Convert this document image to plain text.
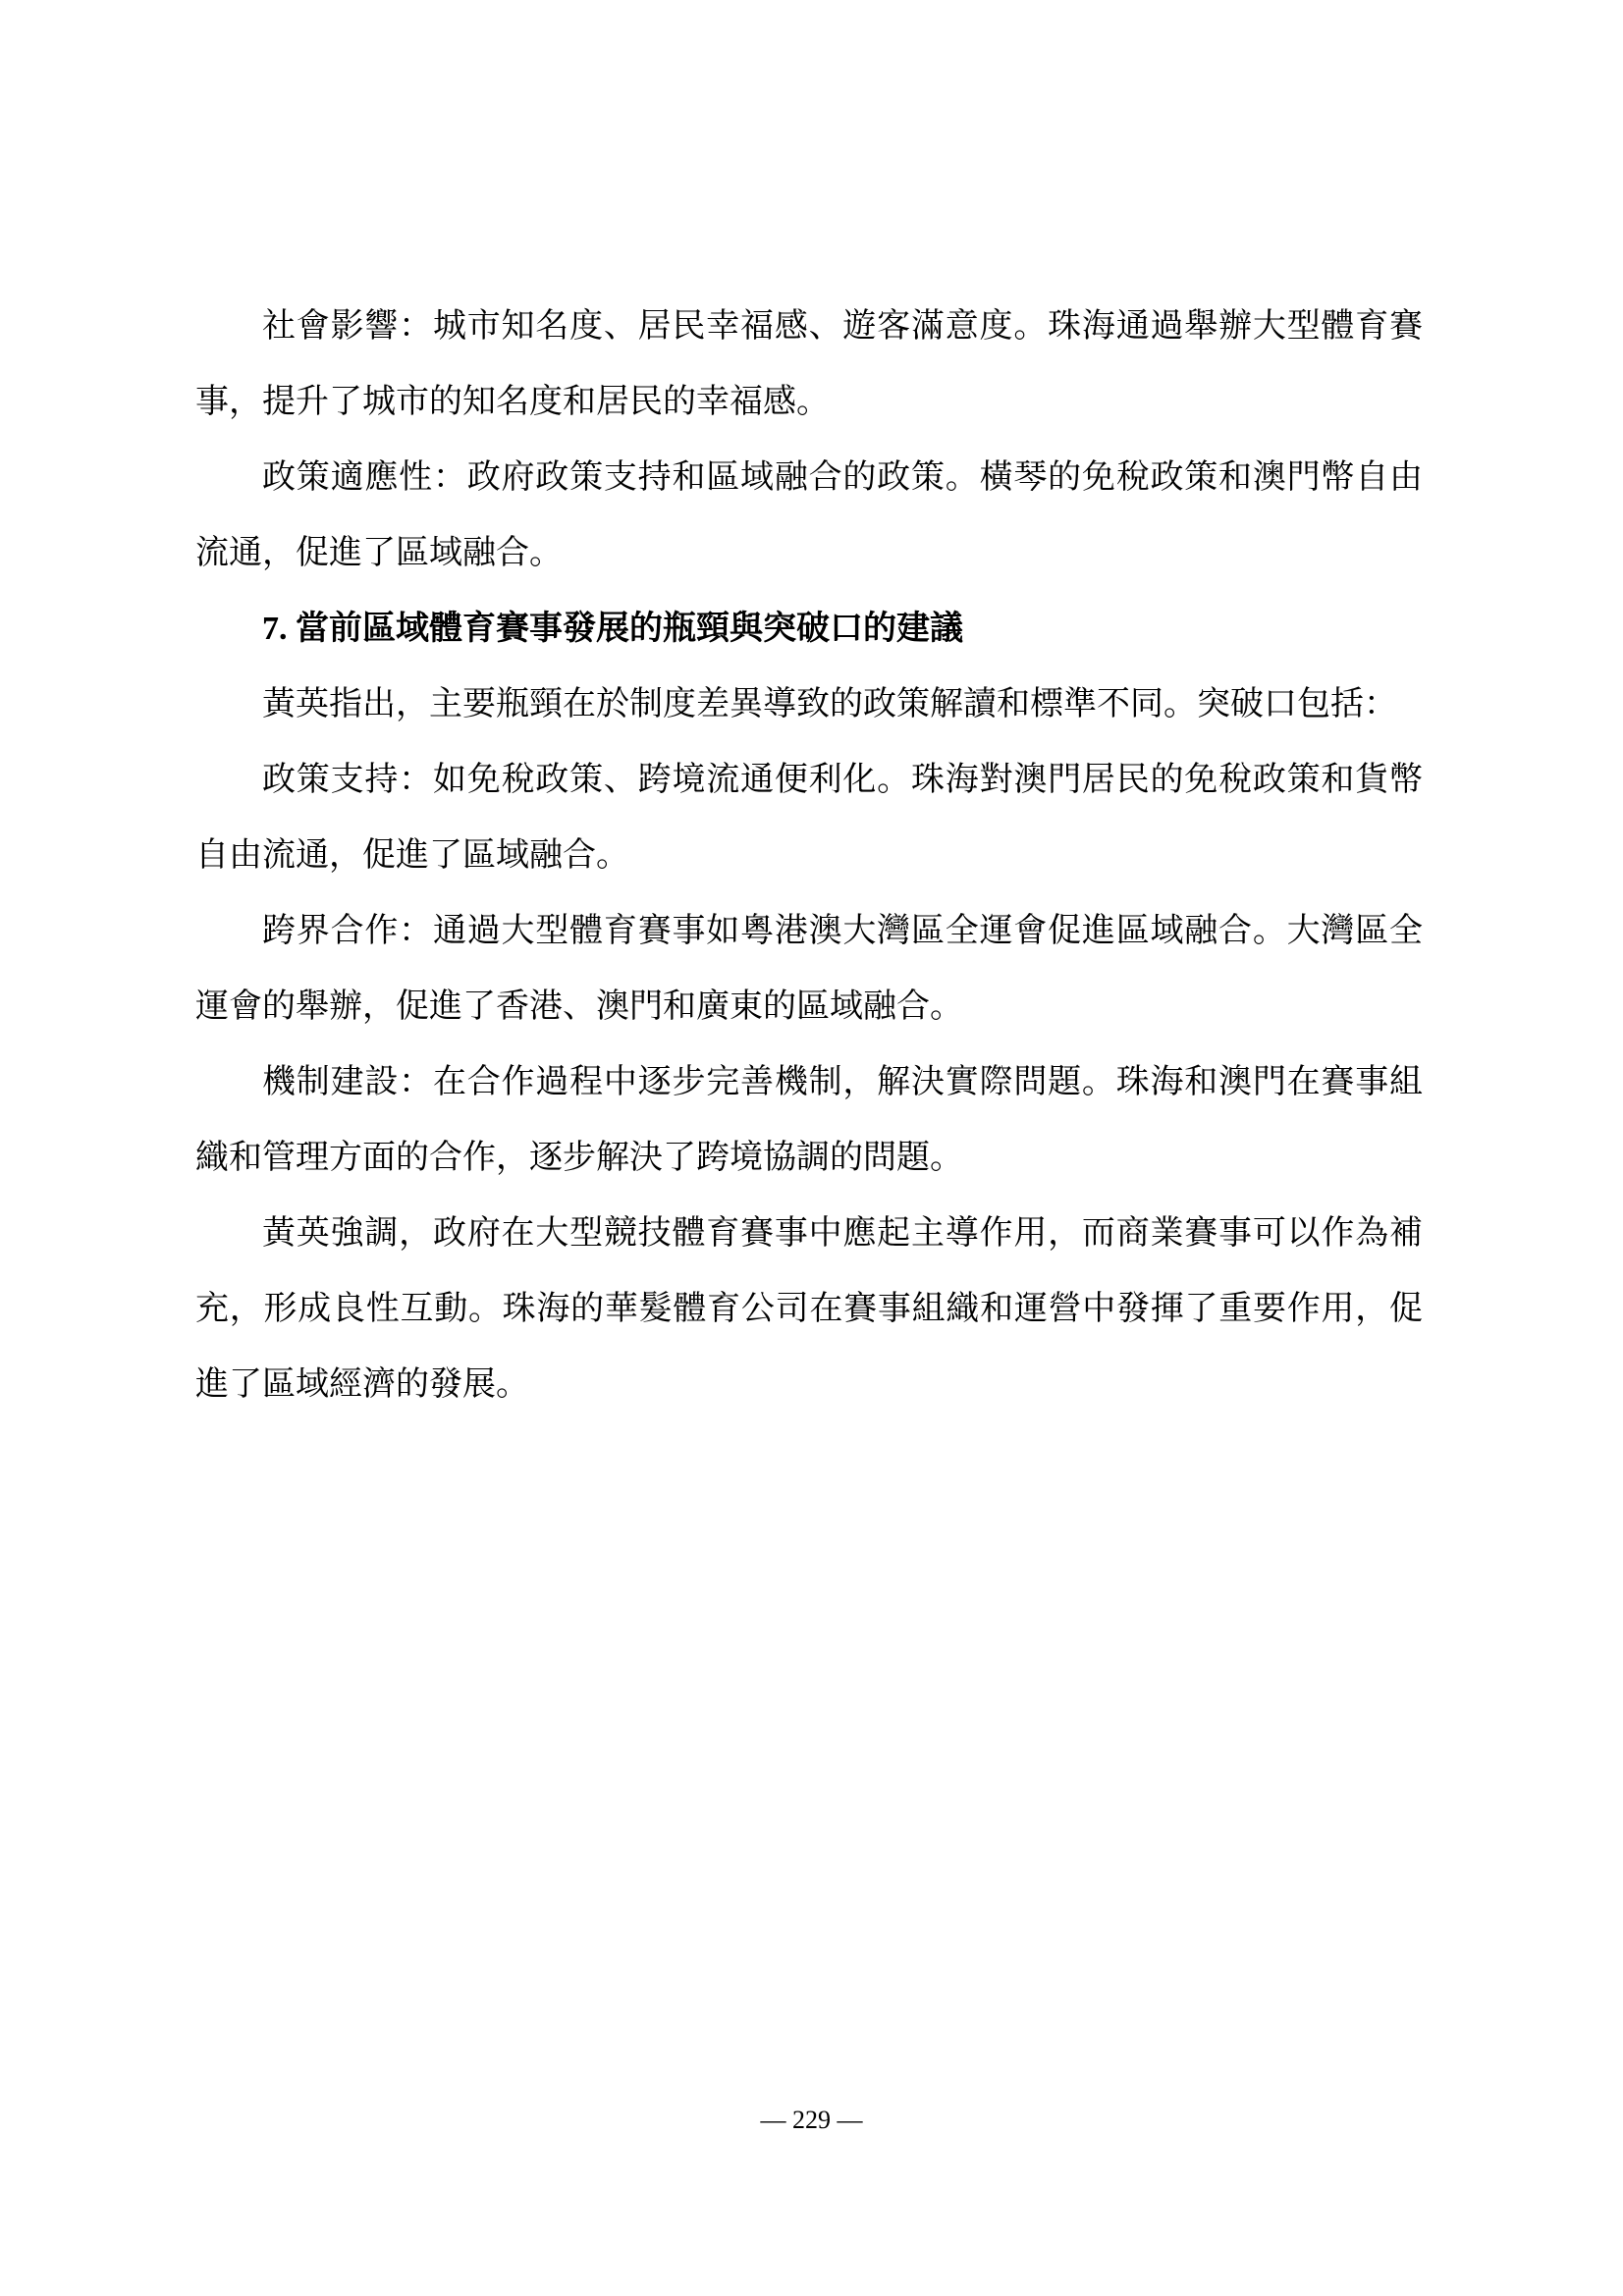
社會影響：城市知名度、居民幸福感、遊客滿意度。珠海通過舉辦大型體育賽事，提升了城市的知名度和居民的幸福感。

政策適應性：政府政策支持和區域融合的政策。橫琴的免稅政策和澳門幣自由流通，促進了區域融合。

7. 當前區域體育賽事發展的瓶頸與突破口的建議

黃英指出，主要瓶頸在於制度差異導致的政策解讀和標準不同。突破口包括：

政策支持：如免稅政策、跨境流通便利化。珠海對澳門居民的免稅政策和貨幣自由流通，促進了區域融合。

跨界合作：通過大型體育賽事如粵港澳大灣區全運會促進區域融合。大灣區全運會的舉辦，促進了香港、澳門和廣東的區域融合。

機制建設：在合作過程中逐步完善機制，解決實際問題。珠海和澳門在賽事組織和管理方面的合作，逐步解決了跨境協調的問題。

黃英強調，政府在大型競技體育賽事中應起主導作用，而商業賽事可以作為補充，形成良性互動。珠海的華髮體育公司在賽事組織和運營中發揮了重要作用，促進了區域經濟的發展。

— 229 —
